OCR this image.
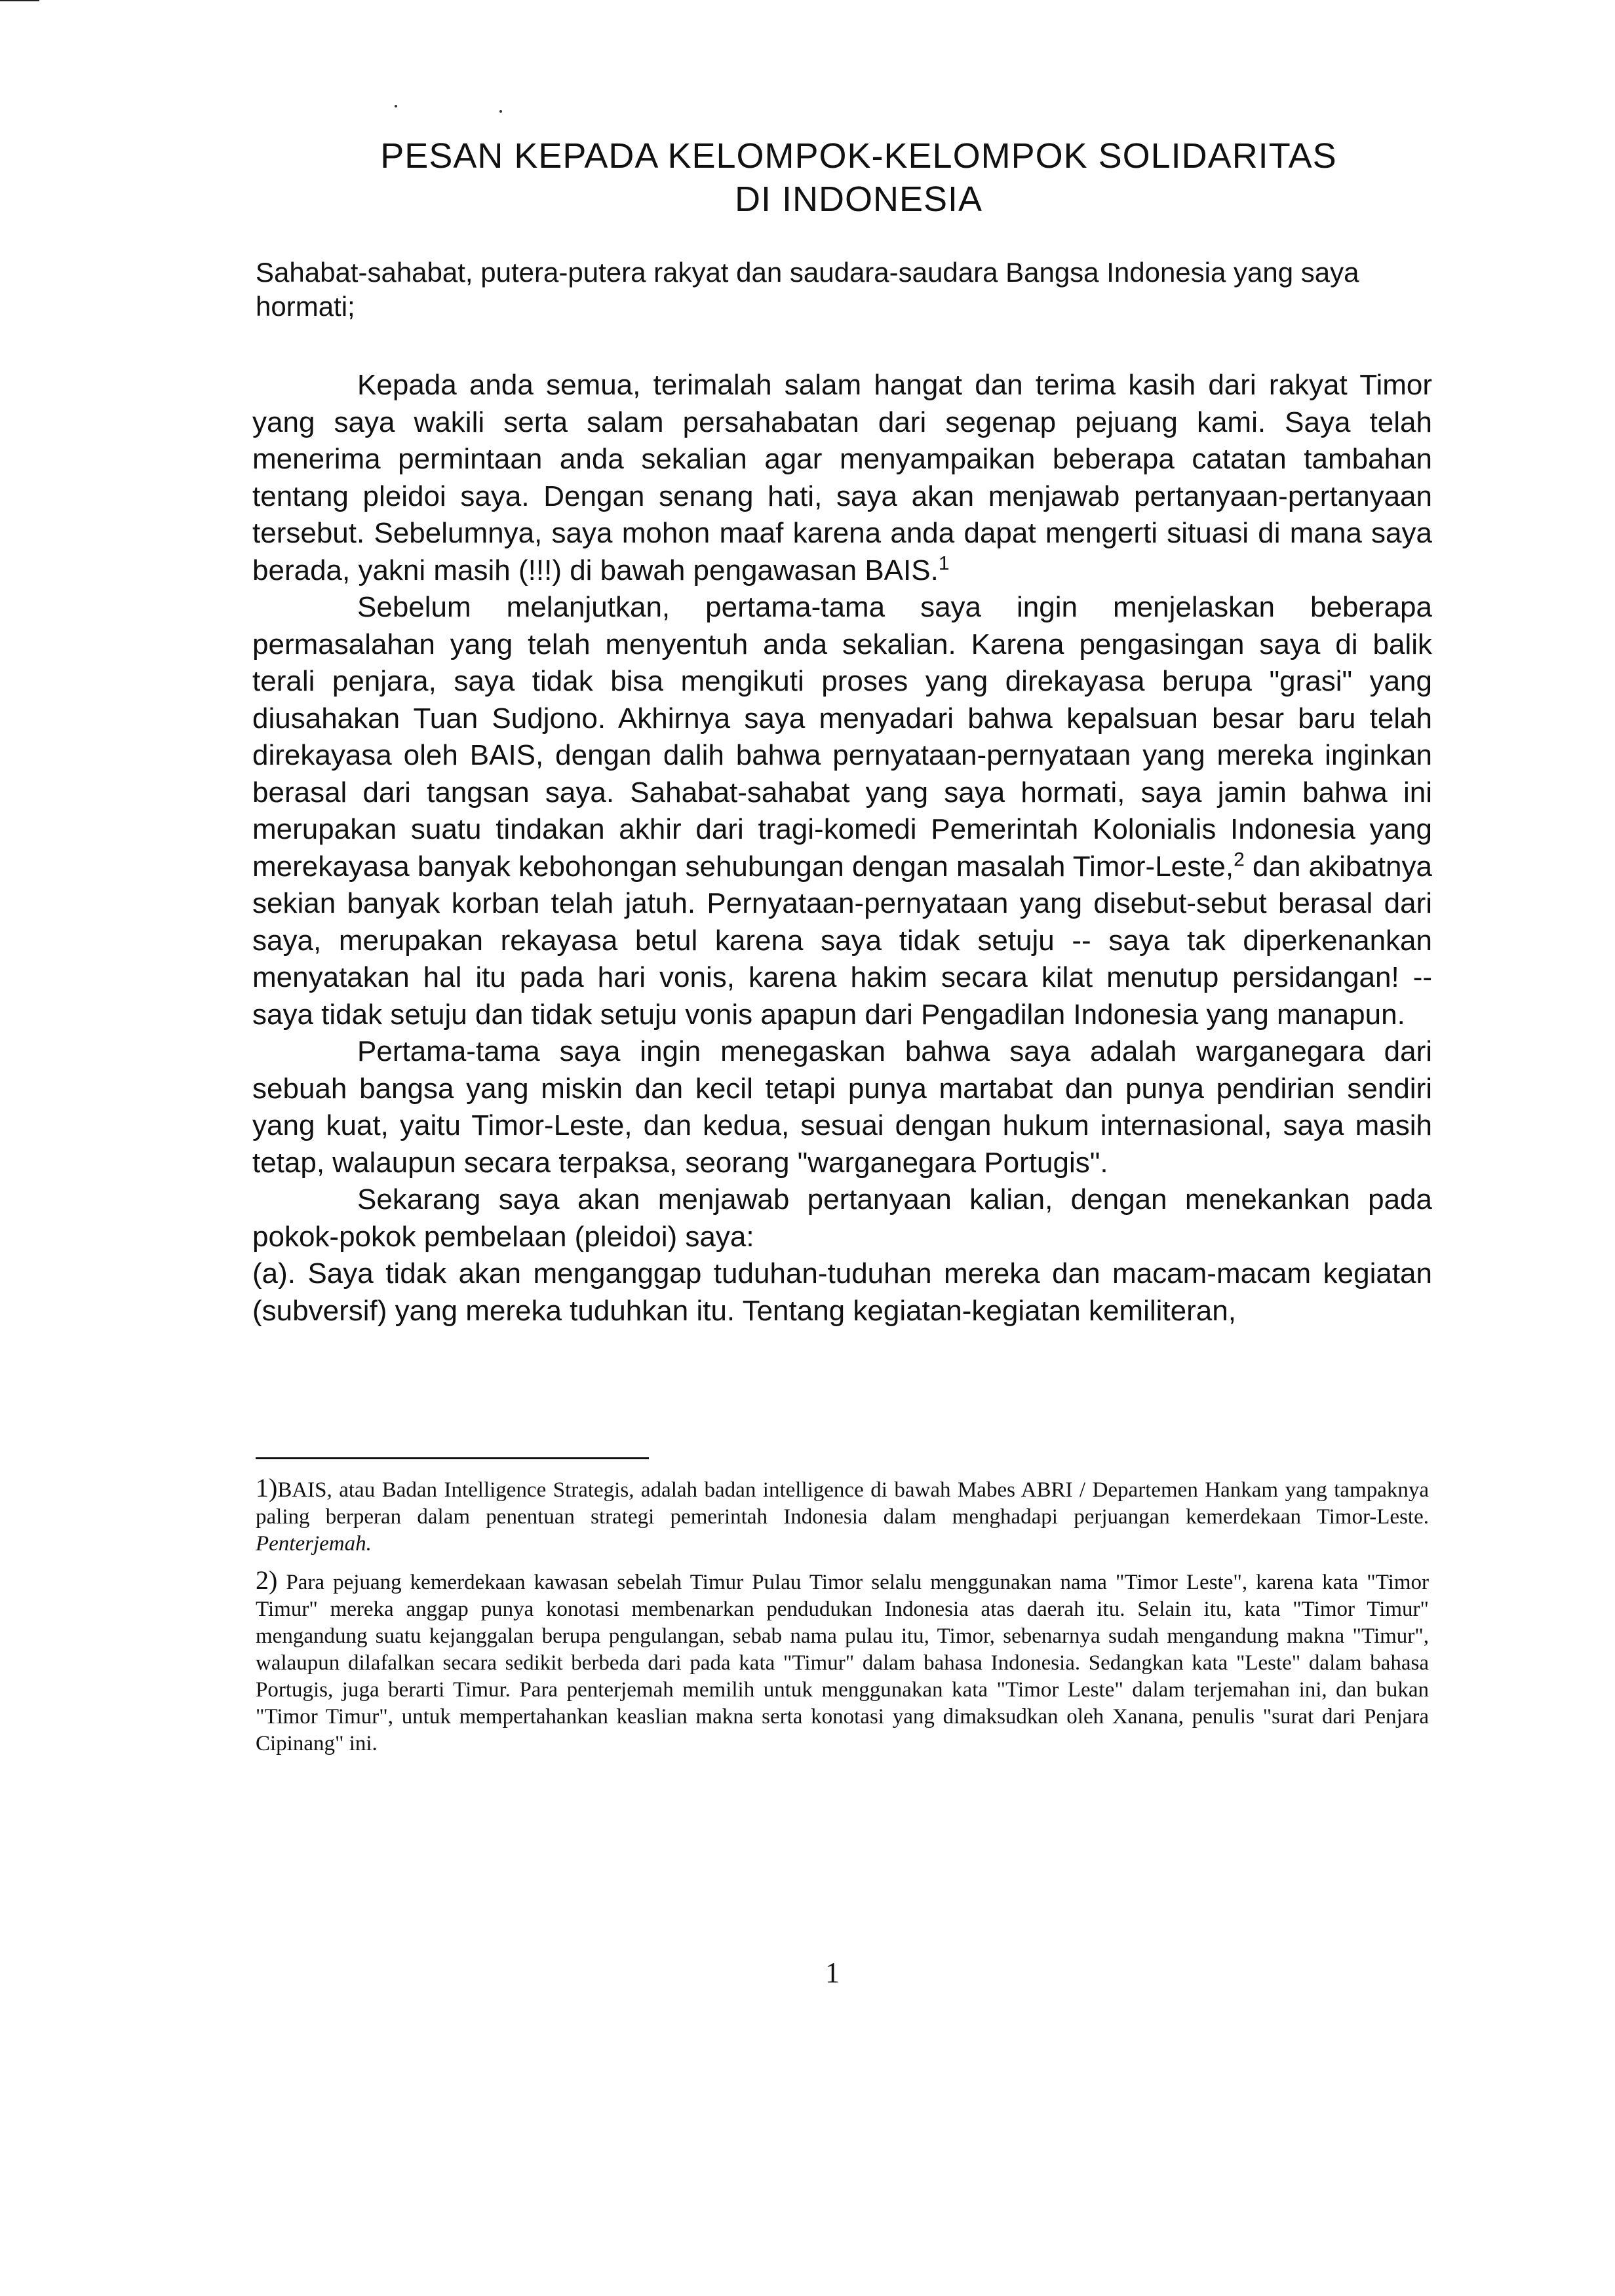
PESAN KEPADA KELOMPOK-KELOMPOK SOLIDARITAS
DI INDONESIA
Sahabat-sahabat, putera-putera rakyat dan saudara-saudara Bangsa Indonesia yang saya hormati;

Kepada anda semua, terimalah salam hangat dan terima kasih dari rakyat Timor yang saya wakili serta salam persahabatan dari segenap pejuang kami. Saya telah menerima permintaan anda sekalian agar menyampaikan beberapa catatan tambahan tentang pleidoi saya. Dengan senang hati, saya akan menjawab pertanyaan-pertanyaan tersebut. Sebelumnya, saya mohon maaf karena anda dapat mengerti situasi di mana saya berada, yakni masih (!!!) di bawah pengawasan BAIS.$^1$

Sebelum melanjutkan, pertama-tama saya ingin menjelaskan beberapa permasalahan yang telah menyentuh anda sekalian. Karena pengasingan saya di balik terali penjara, saya tidak bisa mengikuti proses yang direkayasa berupa "grasi" yang diusahakan Tuan Sudjono. Akhirnya saya menyadari bahwa kepalsuan besar baru telah direkayasa oleh BAIS, dengan dalih bahwa pernyataan-pernyataan yang mereka inginkan berasal dari tangsan saya. Sahabat-sahabat yang saya hormati, saya jamin bahwa ini merupakan suatu tindakan akhir dari tragi-komedi Pemerintah Kolonialis Indonesia yang merekayasa banyak kebohongan sehubungan dengan masalah Timor-Leste,$^2$ dan akibatnya sekian banyak korban telah jatuh. Pernyataan-pernyataan yang disebut-sebut berasal dari saya, merupakan rekayasa betul karena saya tidak setuju -- saya tak diperkenankan menyatakan hal itu pada hari vonis, karena hakim secara kilat menutup persidangan! -- saya tidak setuju dan tidak setuju vonis apapun dari Pengadilan Indonesia yang manapun.

Pertama-tama saya ingin menegaskan bahwa saya adalah warganegara dari sebuah bangsa yang miskin dan kecil tetapi punya martabat dan punya pendirian sendiri yang kuat, yaitu Timor-Leste, dan kedua, sesuai dengan hukum internasional, saya masih tetap, walaupun secara terpaksa, seorang "warganegara Portugis".

Sekarang saya akan menjawab pertanyaan kalian, dengan menekankan pada pokok-pokok pembelaan (pleidoi) saya:

(a). Saya tidak akan menganggap tuduhan-tuduhan mereka dan macam-macam kegiatan (subversif) yang mereka tuduhkan itu. Tentang kegiatan-kegiatan kemiliteran,

1)BAIS, atau Badan Intelligence Strategis, adalah badan intelligence di bawah Mabes ABRI / Departemen Hankam yang tampaknya paling berperan dalam penentuan strategi pemerintah Indonesia dalam menghadapi perjuangan kemerdekaan Timor-Leste. Penterjemah.

2) Para pejuang kemerdekaan kawasan sebelah Timur Pulau Timor selalu menggunakan nama "Timor Leste", karena kata "Timor Timur" mereka anggap punya konotasi membenarkan pendudukan Indonesia atas daerah itu. Selain itu, kata "Timor Timur" mengandung suatu kejanggalan berupa pengulangan, sebab nama pulau itu, Timor, sebenarnya sudah mengandung makna "Timur", walaupun dilafalkan secara sedikit berbeda dari pada kata "Timur" dalam bahasa Indonesia. Sedangkan kata "Leste" dalam bahasa Portugis, juga berarti Timur. Para penterjemah memilih untuk menggunakan kata "Timor Leste" dalam terjemahan ini, dan bukan "Timor Timur", untuk mempertahankan keaslian makna serta konotasi yang dimaksudkan oleh Xanana, penulis "surat dari Penjara Cipinang" ini.

1
